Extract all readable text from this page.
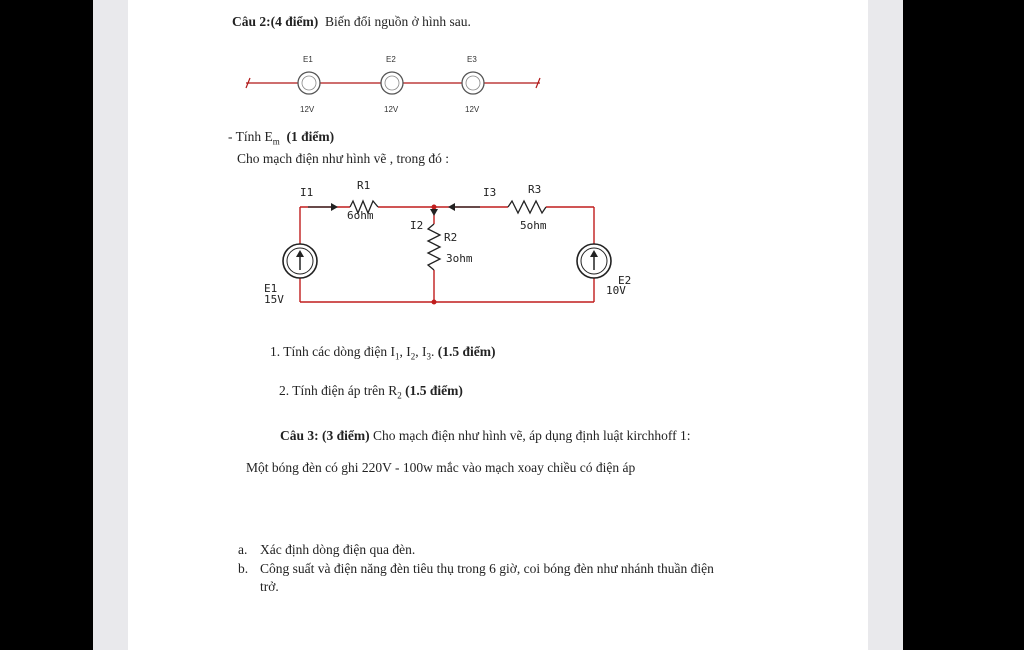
Câu 2:(4 điểm) Biến đổi nguồn ở hình sau.
E1
12V
E2
12V
E3
12V
- Tính $E_m$ (1 điểm)
Cho mạch điện như hình vẽ , trong đó :
I1
R1
6ohm
I3	R3
5ohm
I2
R2
3ohm
E1
15V
E2
10V
1. Tính các dòng điện $I_1$, $I_2$, $I_3$. (1.5 điểm)
2. Tính điện áp trên $R_2$ (1.5 điểm)
Câu 3: (3 điểm) Cho mạch điện như hình vẽ, áp dụng định luật kirchhoff 1:
Một bóng đèn có ghi 220V - 100w mắc vào mạch xoay chiều có điện áp
a. Xác định dòng điện qua đèn.
b. Công suất và điện năng đèn tiêu thụ trong 6 giờ, coi bóng đèn như nhánh thuần điện
trở.
